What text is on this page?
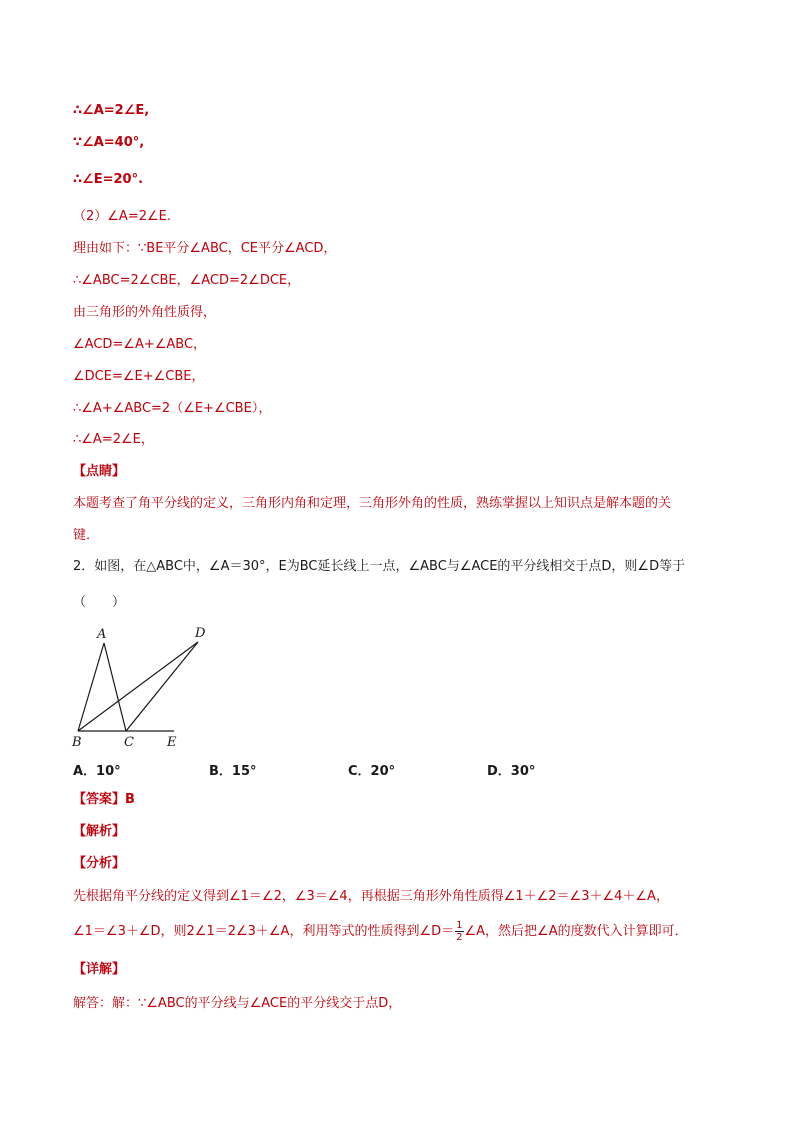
∴∠A=2∠E,
∵∠A=40°,
∴∠E=20°.
（2）∠A=2∠E.
理由如下：∵BE平分∠ABC，CE平分∠ACD，
∴∠ABC=2∠CBE，∠ACD=2∠DCE，
由三角形的外角性质得，
∠ACD=∠A+∠ABC，
∠DCE=∠E+∠CBE，
∴∠A+∠ABC=2（∠E+∠CBE），
∴∠A=2∠E，
【点睛】
本题考查了角平分线的定义，三角形内角和定理，三角形外角的性质，熟练掌握以上知识点是解本题的关
键．
2．如图，在△ABC中，∠A＝30°，E为BC延长线上一点，∠ABC与∠ACE的平分线相交于点D，则∠D等于
（　　）
A	D
B	C	E
A．10°	B．15°	C．20°	D．30°
【答案】B
【解析】
【分析】
先根据角平分线的定义得到∠1＝∠2，∠3＝∠4，再根据三角形外角性质得∠1＋∠2＝∠3＋∠4＋∠A，
∠1＝∠3＋∠D，则2∠1＝2∠3＋∠A，利用等式的性质得到∠D＝ $\frac{1}{2}$ ∠A，然后把∠A的度数代入计算即可．
【详解】
解答：解：∵∠ABC的平分线与∠ACE的平分线交于点D，
